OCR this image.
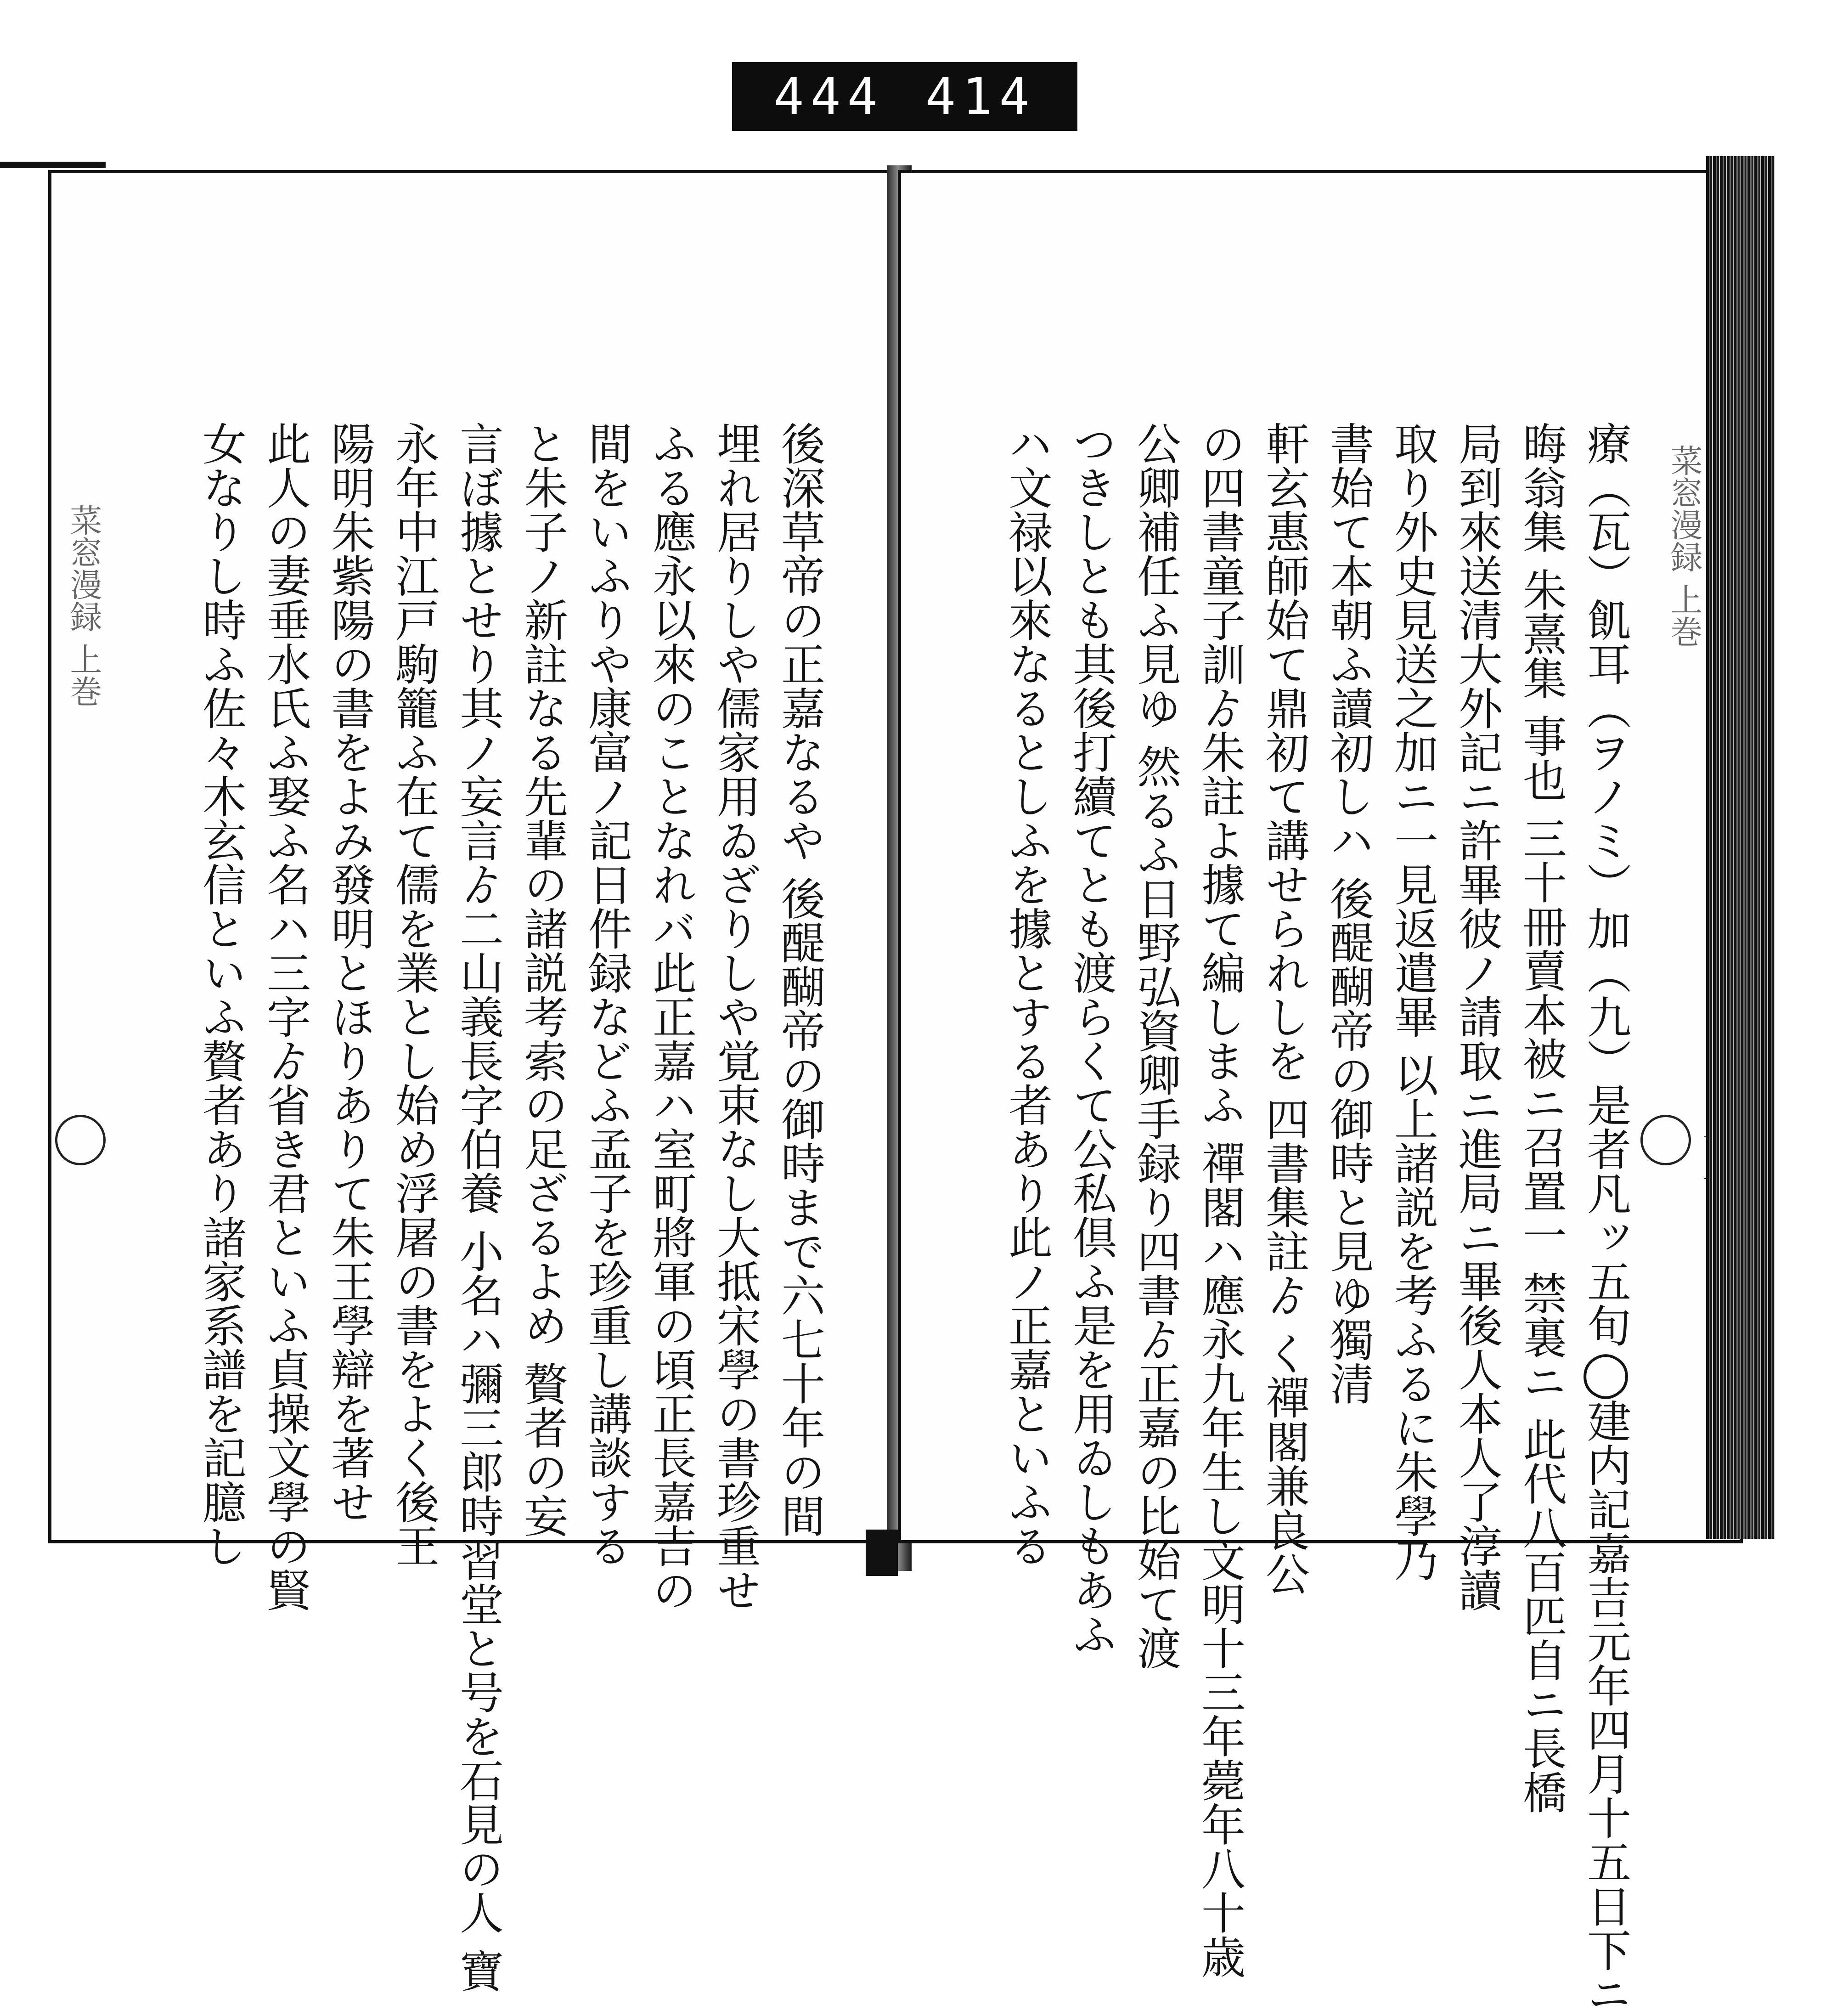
444 414
菜窓漫録 上巻	後深草帝の正嘉なるや 後醍醐帝の御時まで六七十年の間
埋れ居りしや儒家用ゐざりしや覚束なし大抵宋學の書珍重せ
ふる應永以來のことなれバ此正嘉ハ室町將軍の頃正長嘉吉の
間をいふりや康富ノ記日件録などふ孟子を珍重し講談する
と朱子ノ新註なる先輩の諸説考索の足ざるよめ 贅者の妄
言ぼ據とせり其ノ妄言ゟ二山義長字伯養 小名ハ彌三郎時習堂と号を石見の人 寶
永年中江戸駒籠ふ在て儒を業とし始め浮屠の書をよく後王
陽明朱紫陽の書をよみ發明とほりありて朱王學辯を著せ
此人の妻垂水氏ふ娶ふ名ハ三字ゟ省き君といふ貞操文學の賢
女なりし時ふ佐々木玄信といふ贅者あり諸家系譜を記臆し	菜窓漫録 上巻
療（瓦）飢耳（ヲノミ）加（九）是者凡ッ五旬◯建内記嘉吉元年四月十五日下ニ
晦翁集 朱熹集 事也 三十冊賣本被ニ召置一 禁裏ニ 此代八百匹自ニ長橋
局到來送清大外記ニ許畢彼ノ請取ニ進局ニ畢後人本人了淳讀
取り外史見送之加ニ一見返遣畢 以上諸説を考ふるに朱學乃
書始て本朝ふ讀初しハ 後醍醐帝の御時と見ゆ獨清
軒玄惠師始て鼎初て講せられしを 四書集註ゟ く禪閣兼良公
の四書童子訓ゟ朱註よ據て編しまふ 禪閣ハ應永九年生し文明十三年薨年八十歳
公卿補任ふ見ゆ 然るふ日野弘資卿手録り四書ゟ正嘉の比始て渡
つきしとも其後打續てとも渡らくて公私倶ふ是を用ゐしもあふ
ハ文禄以來なるとしふを據とする者あり此ノ正嘉といふる
